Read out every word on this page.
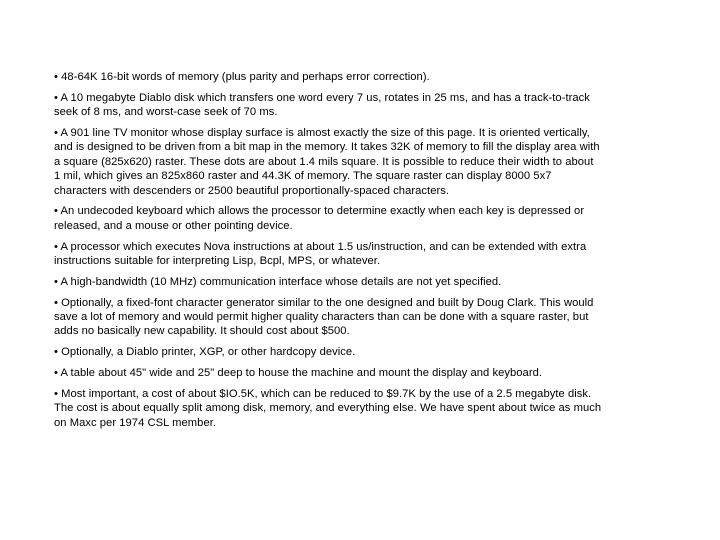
• 48-64K 16-bit words of memory (plus parity and perhaps error correction).
• A 10 megabyte Diablo disk which transfers one word every 7 us, rotates in 25 ms, and has a track-to-track seek of 8 ms, and worst-case seek of 70 ms.
• A 901 line TV monitor whose display surface is almost exactly the size of this page. It is oriented vertically, and is designed to be driven from a bit map in the memory. It takes 32K of memory to fill the display area with a square (825x620) raster. These dots are about 1.4 mils square. It is possible to reduce their width to about 1 mil, which gives an 825x860 raster and 44.3K of memory. The square raster can display 8000 5x7 characters with descenders or 2500 beautiful proportionally-spaced characters.
• An undecoded keyboard which allows the processor to determine exactly when each key is depressed or released, and a mouse or other pointing device.
• A processor which executes Nova instructions at about 1.5 us/instruction, and can be extended with extra instructions suitable for interpreting Lisp, Bcpl, MPS, or whatever.
• A high-bandwidth (10 MHz) communication interface whose details are not yet specified.
• Optionally, a fixed-font character generator similar to the one designed and built by Doug Clark. This would save a lot of memory and would permit higher quality characters than can be done with a square raster, but adds no basically new capability. It should cost about $500.
• Optionally, a Diablo printer, XGP, or other hardcopy device.
• A table about 45" wide and 25" deep to house the machine and mount the display and keyboard.
• Most important, a cost of about $IO.5K, which can be reduced to $9.7K by the use of a 2.5 megabyte disk. The cost is about equally split among disk, memory, and everything else. We have spent about twice as much on Maxc per 1974 CSL member.
